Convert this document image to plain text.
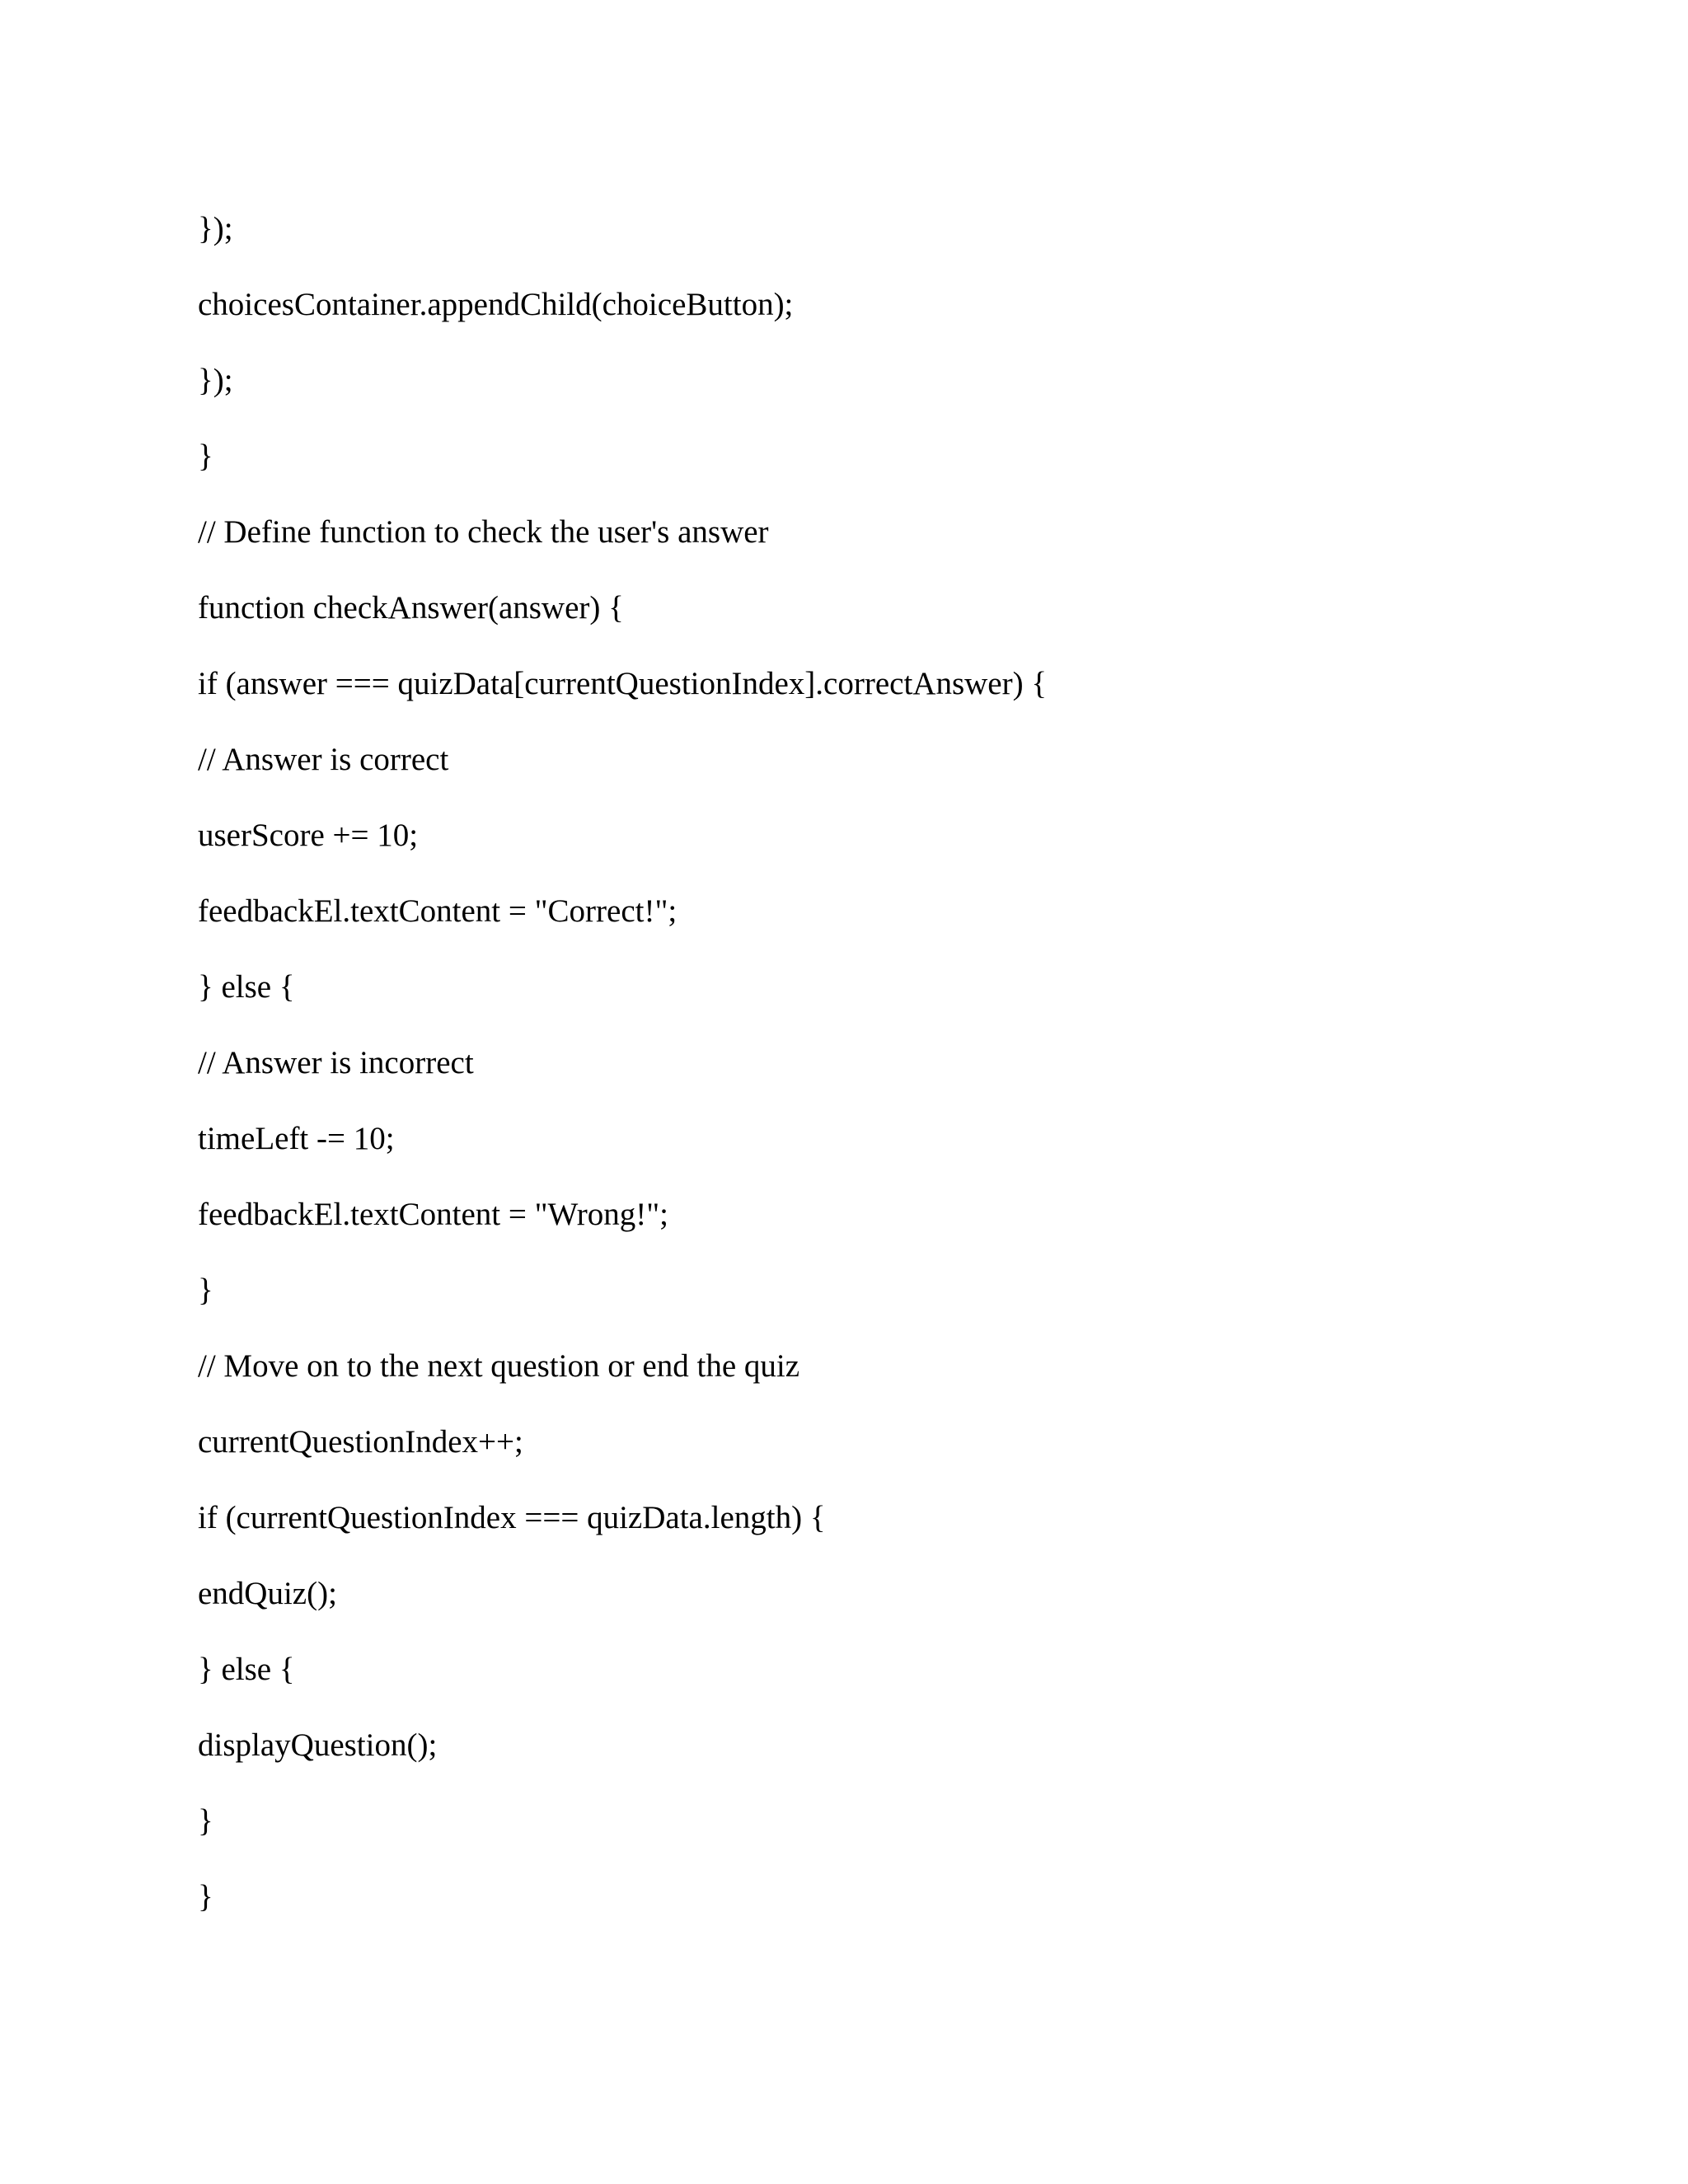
});
choicesContainer.appendChild(choiceButton);
});
}
// Define function to check the user's answer
function checkAnswer(answer) {
if (answer === quizData[currentQuestionIndex].correctAnswer) {
// Answer is correct
userScore += 10;
feedbackEl.textContent = "Correct!";
} else {
// Answer is incorrect
timeLeft -= 10;
feedbackEl.textContent = "Wrong!";
}
// Move on to the next question or end the quiz
currentQuestionIndex++;
if (currentQuestionIndex === quizData.length) {
endQuiz();
} else {
displayQuestion();
}
}
